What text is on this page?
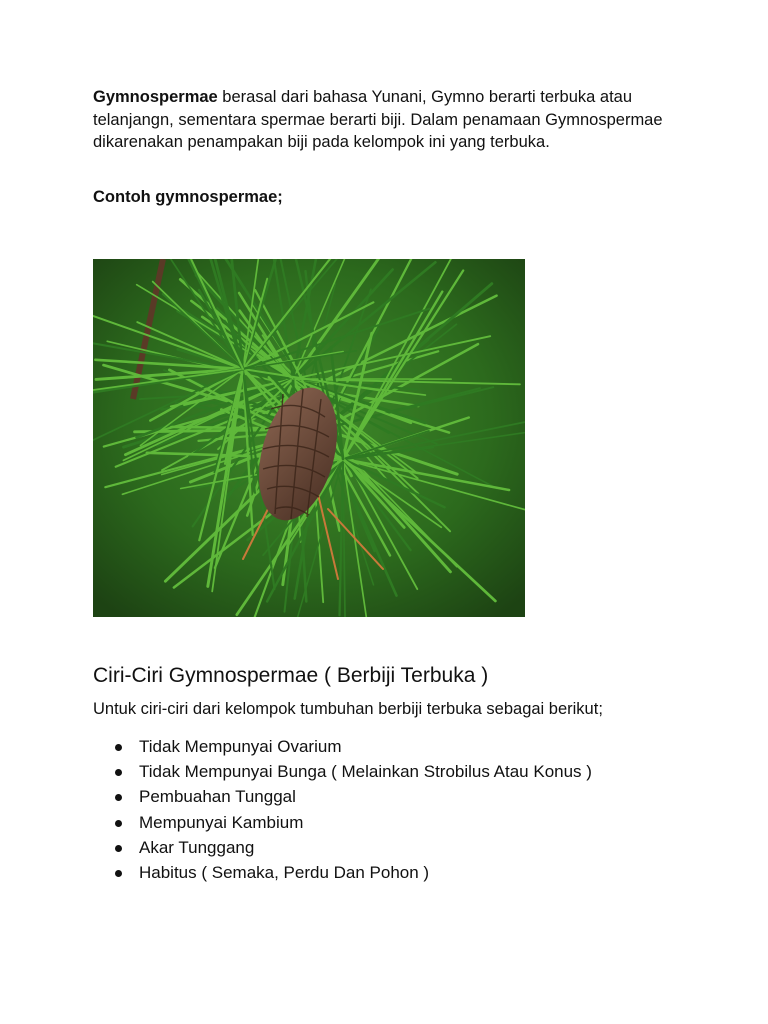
Gymnospermae berasal dari bahasa Yunani, Gymno berarti terbuka atau telanjangn, sementara spermae berarti biji. Dalam penamaan Gymnospermae dikarenakan penampakan biji pada kelompok ini yang terbuka.

Contoh gymnospermae;

Ciri-Ciri Gymnospermae ( Berbiji Terbuka )

Untuk ciri-ciri dari kelompok tumbuhan berbiji terbuka sebagai berikut;

Tidak Mempunyai Ovarium
Tidak Mempunyai Bunga ( Melainkan Strobilus Atau Konus )
Pembuahan Tunggal
Mempunyai Kambium
Akar Tunggang
Habitus ( Semaka, Perdu Dan Pohon )
